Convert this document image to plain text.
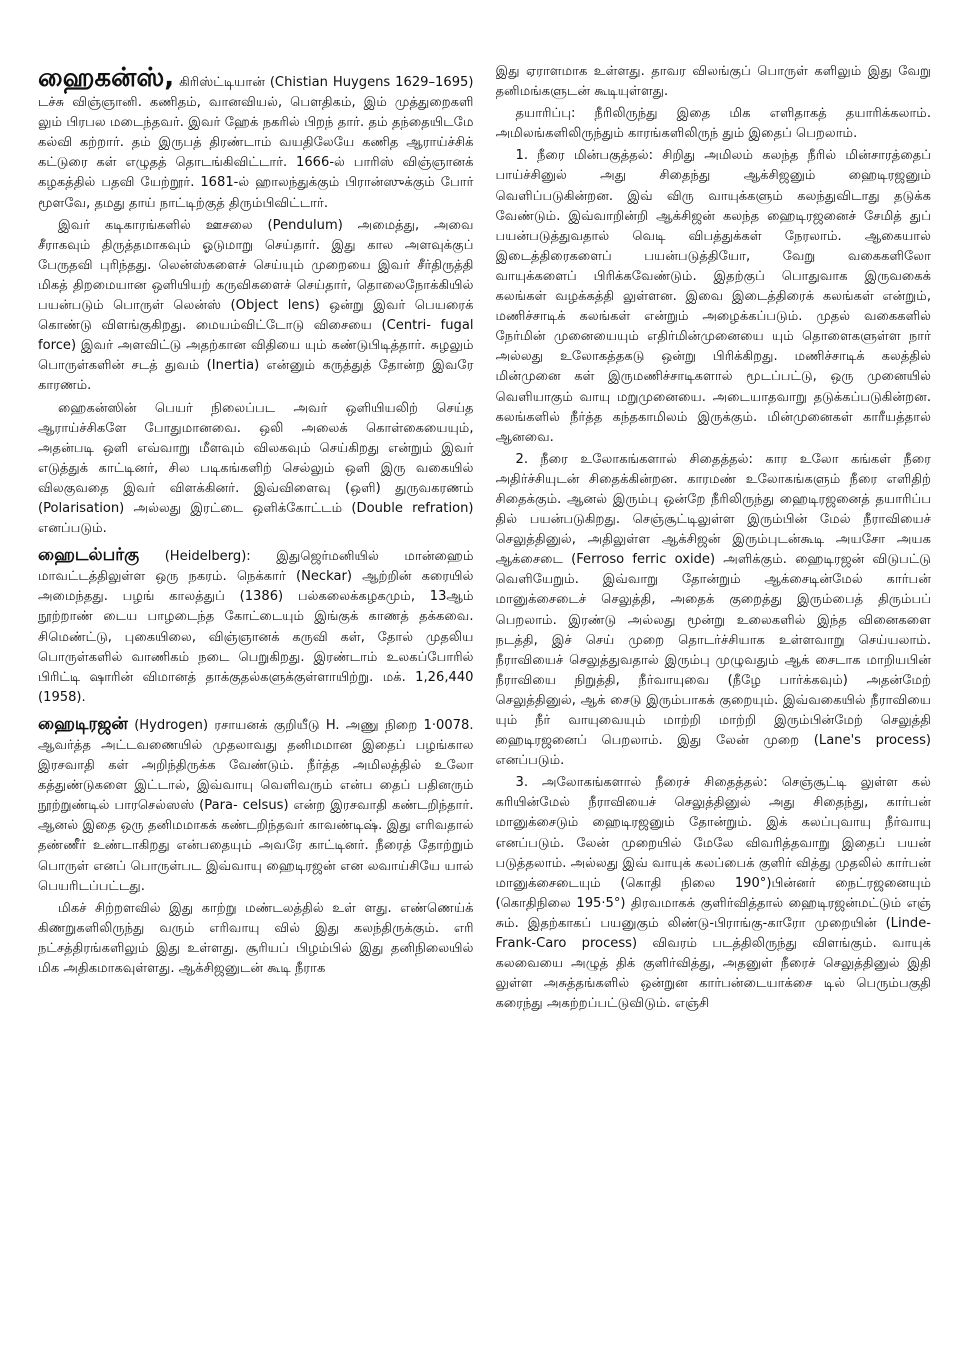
ஹைகன்ஸ், கிரிஸ்ட்டியான் (Chistian Huygens 1629–1695) டச்சு விஞ்ஞானி. கணிதம், வானவியல், பௌதிகம், இம் முத்துறைகளி லும் பிரபல மடைந்தவர். இவர் ஹேக் நகரில் பிறந் தார். தம் தந்தையிடமே கல்வி கற்றார். தம் இருபத் திரண்டாம் வயதிலேயே கணித ஆராய்ச்சிக் கட்டுரை கள் எழுதத் தொடங்கிவிட்டார். 1666-ல் பாரிஸ் விஞ்ஞானக் கழகத்தில் பதவி யேற்றூர். 1681-ல் ஹாலந்துக்கும் பிரான்ஸுக்கும் போர் மூளவே, தமது தாய் நாட்டிற்குத் திரும்பிவிட்டார்.

இவர் கடிகாரங்களில் ஊசலை (Pendulum) அமைத்து, அவை சீராகவும் திருத்தமாகவும் ஓடுமாறு செய்தார். இது கால அளவுக்குப் பேருதவி புரிந்தது. லென்ஸ்களைச் செய்யும் முறையை இவர் சீர்திருத்தி மிகத் திறமையான ஒளியியற் கருவிகளைச் செய்தார், தொலைநோக்கியில் பயன்படும் பொருள் லென்ஸ் (Object lens) ஒன்று இவர் பெயரைக் கொண்டு விளங்குகிறது. மையம்விட்டோடு விசையை (Centri- fugal force) இவர் அளவிட்டு அதற்கான விதியை யும் கண்டுபிடித்தார். சுழலும் பொருள்களின் சடத் துவம் (Inertia) என்னும் கருத்துத் தோன்ற இவரே காரணம்.

ஹைகன்ஸின் பெயர் நிலைப்பட அவர் ஒளியியலிற் செய்த ஆராய்ச்சிகளே போதுமானவை. ஒலி அலைக் கொள்கையையும், அதன்படி ஒளி எவ்வாறு மீளவும் விலகவும் செய்கிறது என்றும் இவர் எடுத்துக் காட்டினர், சில படிகங்களிற் செல்லும் ஒளி இரு வகையில் விலகுவதை இவர் விளக்கினர். இவ்விளைவு (ஒளி) துருவகரணம் (Polarisation) அல்லது இரட்டை ஒளிக்கோட்டம் (Double refration) எனப்படும்.

ஹைடல்பர்கு (Heidelberg): இதுஜெர்மனியில் மான்ஹைம் மாவட்டத்திலுள்ள ஒரு நகரம். நெக்கார் (Neckar) ஆற்றின் கரையில் அமைந்தது. பழங் காலத்துப் (1386) பல்கலைக்கழகமும், 13ஆம் நூற்றாண் டைய பாழடைந்த கோட்டையும் இங்குக் காணத் தக்கவை. சிமெண்ட்டு, புகையிலை, விஞ்ஞானக் கருவி கள், தோல் முதலிய பொருள்களில் வாணிகம் நடை பெறுகிறது. இரண்டாம் உலகப்போரில் பிரிட்டி ஷாரின் விமானத் தாக்குதல்களுக்குள்ளாயிற்று. மக். 1,26,440 (1958).

ஹைடிரஜன் (Hydrogen) ரசாயனக் குறியீடு H. அணு நிறை 1·0078. ஆவர்த்த அட்டவணையில் முதலாவது தனிமமான இதைப் பழங்கால இரசவாதி கள் அறிந்திருக்க வேண்டும். நீர்த்த அமிலத்தில் உலோ கத்துண்டுகளை இட்டால், இவ்வாயு வெளிவரும் என்ப தைப் பதினரும் நூற்றுண்டில் பாரசெல்ஸஸ் (Para- celsus) என்ற இரசவாதி கண்டறிந்தார். ஆனல் இதை ஒரு தனிமமாகக் கண்டறிந்தவர் காவண்டிஷ். இது எரிவதால் தண்ணீர் உண்டாகிறது என்பதையும் அவரே காட்டினர். நீரைத் தோற்றும் பொருள் எனப் பொருள்பட இவ்வாயு ஹைடிரஜன் என லவாய்சியே யால் பெயரிடப்பட்டது.

மிகச் சிற்றளவில் இது காற்று மண்டலத்தில் உள் ளது. எண்ணெய்க் கிணறுகளிலிருந்து வரும் எரிவாயு வில் இது கலந்திருக்கும். எரி நட்சத்திரங்களிலும் இது உள்ளது. சூரியப் பிழம்பில் இது தனிநிலையில் மிக அதிகமாகவுள்ளது. ஆக்சிஜனுடன் கூடி நீராக

இது ஏராளமாக உள்ளது. தாவர விலங்குப் பொருள் களிலும் இது வேறு தனிமங்களுடன் கூடியுள்ளது.

தயாரிப்பு: நீரிலிருந்து இதை மிக எளிதாகத் தயாரிக்கலாம். அமிலங்களிலிருந்தும் காரங்களிலிருந் தும் இதைப் பெறலாம்.

1. நீரை மின்பகுத்தல்: சிறிது அமிலம் கலந்த நீரில் மின்சாரத்தைப் பாய்ச்சினுல் அது சிதைந்து ஆக்சிஜனும் ஹைடிரஜனும் வெளிப்படுகின்றன. இவ் விரு வாயுக்களும் கலந்துவிடாது தடுக்க வேண்டும். இவ்வாறின்றி ஆக்சிஜன் கலந்த ஹைடிரஜனைச் சேமித் துப் பயன்படுத்துவதால் வெடி விபத்துக்கள் நேரலாம். ஆகையால் இடைத்திரைகளைப் பயன்படுத்தியோ, வேறு வகைகளிலோ வாயுக்களைப் பிரிக்கவேண்டும். இதற்குப் பொதுவாக இருவகைக் கலங்கள் வழக்கத்தி லுள்ளன. இவை இடைத்திரைக் கலங்கள் என்றும், மணிச்சாடிக் கலங்கள் என்றும் அழைக்கப்படும். முதல் வகைகளில் நேர்மின் முனையையும் எதிர்மின்முனையை யும் தொளைகளுள்ள நார் அல்லது உலோகத்தகடு ஒன்று பிரிக்கிறது. மணிச்சாடிக் கலத்தில் மின்முனை கள் இருமணிச்சாடிகளால் மூடப்பட்டு, ஒரு முனையில் வெளியாகும் வாயு மறுமுனையை. அடையாதவாறு தடுக்கப்படுகின்றன. கலங்களில் நீர்த்த கந்தகாமிலம் இருக்கும். மின்முனைகள் காரீயத்தால் ஆனவை.

2. நீரை உலோகங்களால் சிதைத்தல்: கார உலோ கங்கள் நீரை அதிர்ச்சியுடன் சிதைக்கின்றன. காரமண் உலோகங்களும் நீரை எளிதிற் சிதைக்கும். ஆனல் இரும்பு ஒன்றே நீரிலிருந்து ஹைடிரஜனைத் தயாரிப்ப தில் பயன்படுகிறது. செஞ்சூட்டிலுள்ள இரும்பின் மேல் நீராவியைச் செலுத்தினுல், அதிலுள்ள ஆக்சிஜன் இரும்புடன்கூடி அயசோ அயக ஆக்சைடை (Ferroso ferric oxide) அளிக்கும். ஹைடிரஜன் விடுபட்டு வெளியேறும். இவ்வாறு தோன்றும் ஆக்சைடின்மேல் கார்பன் மானுக்சைடைச் செலுத்தி, அதைக் குறைத்து இரும்பைத் திரும்பப் பெறலாம். இரண்டு அல்லது மூன்று உலைகளில் இந்த வினைகளை நடத்தி, இச் செய் முறை தொடர்ச்சியாக உள்ளவாறு செய்யலாம். நீராவியைச் செலுத்துவதால் இரும்பு முழுவதும் ஆக் சைடாக மாறியபின் நீராவியை நிறுத்தி, நீர்வாயுவை (நீழே பார்க்கவும்) அதன்மேற் செலுத்தினுல், ஆக் சைடு இரும்பாகக் குறையும். இவ்வகையில் நீராவியை யும் நீர் வாயுவையும் மாற்றி மாற்றி இரும்பின்மேற் செலுத்தி ஹைடிரஜனைப் பெறலாம். இது லேன் முறை (Lane's process) எனப்படும்.

3. அலோகங்களால் நீரைச் சிதைத்தல்: செஞ்சூட்டி லுள்ள கல் கரியின்மேல் நீராவியைச் செலுத்தினுல் அது சிதைந்து, கார்பன் மானுக்சைடும் ஹைடிரஜனும் தோன்றும். இக் கலப்புவாயு நீர்வாயு எனப்படும். லேன் முறையில் மேலே விவரித்தவாறு இதைப் பயன் படுத்தலாம். அல்லது இவ் வாயுக் கலப்பைக் குளிர் வித்து முதலில் கார்பன் மானுக்சைடையும் (கொதி நிலை 190°)பின்னர் நைட்ரஜனையும் (கொதிநிலை 195·5°) திரவமாகக் குளிர்வித்தால் ஹைடிரஜன்மட்டும் எஞ் சும். இதற்காகப் பயனுகும் லிண்டு-பிராங்கு-காரோ முறையின் (Linde-Frank-Caro process) விவரம் படத்திலிருந்து விளங்கும். வாயுக் கலவையை அழுத் திக் குளிர்வித்து, அதனுள் நீரைச் செலுத்தினுல் இதி லுள்ள அசுத்தங்களில் ஒன்றுன கார்பன்டையாக்சை டில் பெரும்பகுதி கரைந்து அகற்றப்பட்டுவிடும். எஞ்சி
